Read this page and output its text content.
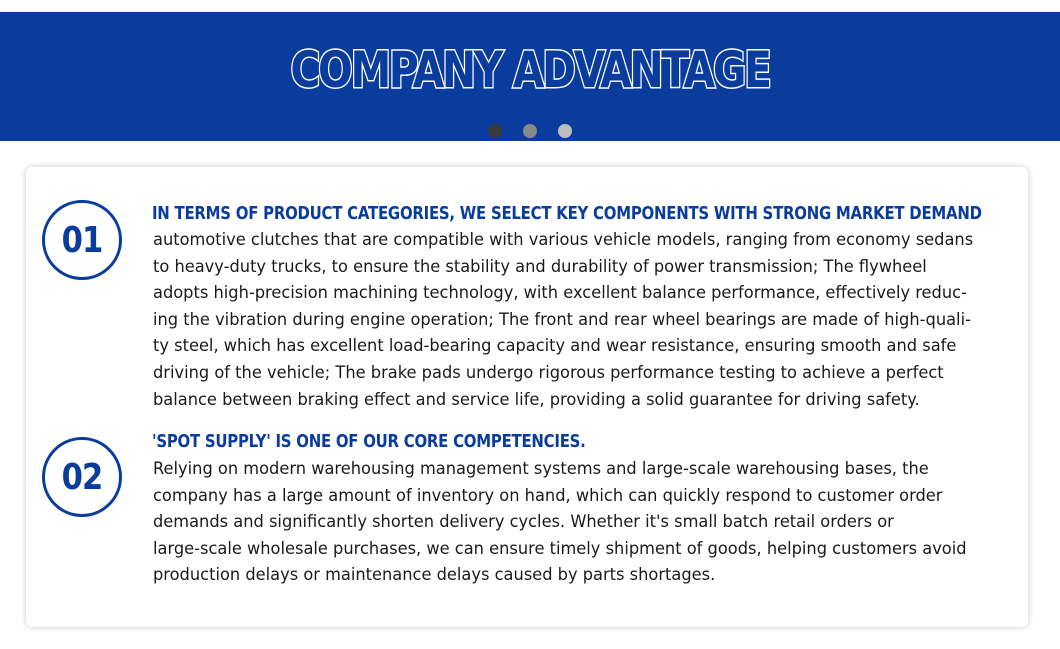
COMPANY ADVANTAGE
01
IN TERMS OF PRODUCT CATEGORIES, WE SELECT KEY COMPONENTS WITH STRONG MARKET DEMAND
automotive clutches that are compatible with various vehicle models, ranging from economy sedans
to heavy-duty trucks, to ensure the stability and durability of power transmission; The flywheel
adopts high-precision machining technology, with excellent balance performance, effectively reduc-
ing the vibration during engine operation; The front and rear wheel bearings are made of high-quali-
ty steel, which has excellent load-bearing capacity and wear resistance, ensuring smooth and safe
driving of the vehicle; The brake pads undergo rigorous performance testing to achieve a perfect
balance between braking effect and service life, providing a solid guarantee for driving safety.
02
'SPOT SUPPLY' IS ONE OF OUR CORE COMPETENCIES.
Relying on modern warehousing management systems and large-scale warehousing bases, the
company has a large amount of inventory on hand, which can quickly respond to customer order
demands and significantly shorten delivery cycles. Whether it's small batch retail orders or
large-scale wholesale purchases, we can ensure timely shipment of goods, helping customers avoid
production delays or maintenance delays caused by parts shortages.
